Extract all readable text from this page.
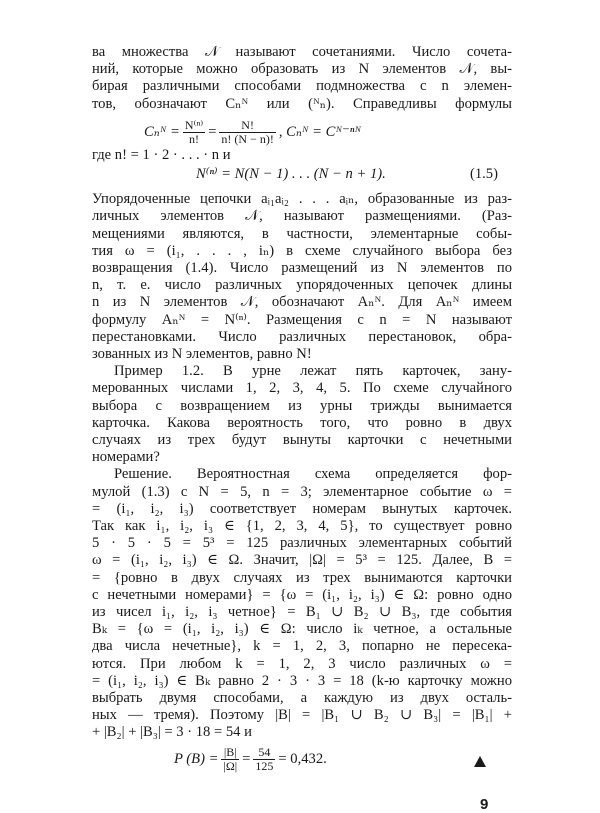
ва множества 𝒩 называют сочетаниями. Число сочета-
ний, которые можно образовать из N элементов 𝒩, вы-
бирая различными способами подмножества с n элемен-
тов, обозначают Cₙᴺ или (ᴺₙ). Справедливы формулы
Cₙᴺ = $\frac{\text{N⁽ⁿ⁾}}{n!} = \frac{N!}{n! (N - n)!}$ , Cₙᴺ = Cᴺ⁻ⁿᴺ
где n! = 1 · 2 · . . . · n и
N⁽ⁿ⁾ = N(N − 1) . . . (N − n + 1).	(1.5)
Упорядоченные цепочки aᵢ₁aᵢ₂ . . . aᵢₙ, образованные из раз-
личных элементов 𝒩, называют размещениями. (Раз-
мещениями являются, в частности, элементарные собы-
тия ω = (i₁, . . . , iₙ) в схеме случайного выбора без
возвращения (1.4). Число размещений из N элементов по
n, т. е. число различных упорядоченных цепочек длины
n из N элементов 𝒩, обозначают Aₙᴺ. Для Aₙᴺ имеем
формулу Aₙᴺ = N⁽ⁿ⁾. Размещения с n = N называют
перестановками. Число различных перестановок, обра-
зованных из N элементов, равно N!
Пример 1.2. В урне лежат пять карточек, зану-
мерованных числами 1, 2, 3, 4, 5. По схеме случайного
выбора с возвращением из урны трижды вынимается
карточка. Какова вероятность того, что ровно в двух
случаях из трех будут вынуты карточки с нечетными
номерами?
Решение. Вероятностная схема определяется фор-
мулой (1.3) с N = 5, n = 3; элементарное событие ω =
= (i₁, i₂, i₃) соответствует номерам вынутых карточек.
Так как i₁, i₂, i₃ ∈ {1, 2, 3, 4, 5}, то существует ровно
5 · 5 · 5 = 5³ = 125 различных элементарных событий
ω = (i₁, i₂, i₃) ∈ Ω. Значит, |Ω| = 5³ = 125. Далее, B =
= {ровно в двух случаях из трех вынимаются карточки
с нечетными номерами} = {ω = (i₁, i₂, i₃) ∈ Ω: ровно одно
из чисел i₁, i₂, i₃ четное} = B₁ ∪ B₂ ∪ B₃, где события
Bₖ = {ω = (i₁, i₂, i₃) ∈ Ω: число iₖ четное, а остальные
два числа нечетные}, k = 1, 2, 3, попарно не пересека-
ются. При любом k = 1, 2, 3 число различных ω =
= (i₁, i₂, i₃) ∈ Bₖ равно 2 · 3 · 3 = 18 (k-ю карточку можно
выбрать двумя способами, а каждую из двух осталь-
ных — тремя). Поэтому |B| = |B₁ ∪ B₂ ∪ B₃| = |B₁| +
+ |B₂| + |B₃| = 3 · 18 = 54 и
P $(B) = \frac{|B|}{|\Omega|} = \frac{54}{125} = 0,432$.
9
